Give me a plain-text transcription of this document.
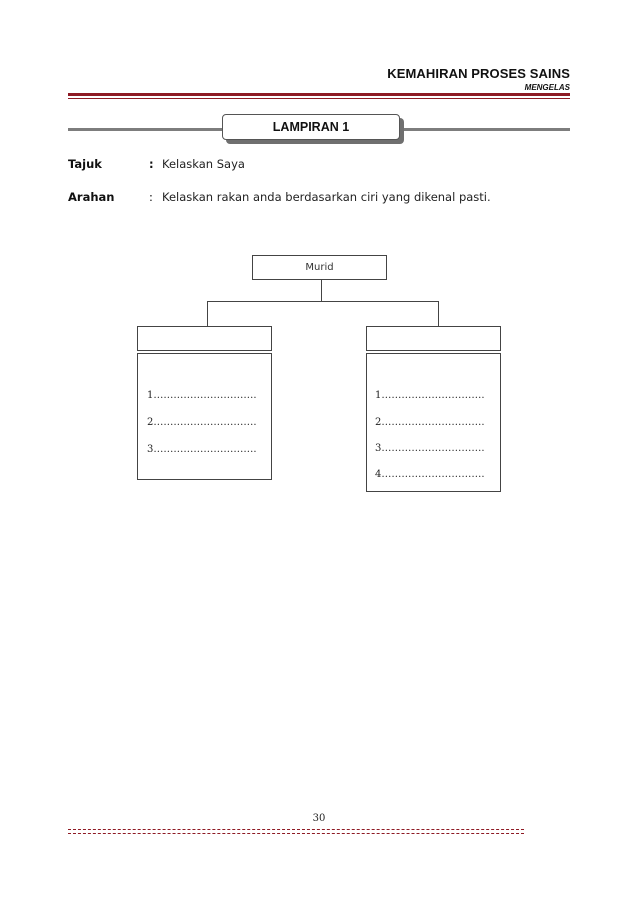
KEMAHIRAN PROSES SAINS
MENGELAS
LAMPIRAN 1
Tajuk	: Kelaskan Saya
Arahan	: Kelaskan rakan anda berdasarkan ciri yang dikenal pasti.
Murid
1………………………….
2………………………….
3………………………….
1………………………….
2………………………….
3………………………….
4………………………….
30
